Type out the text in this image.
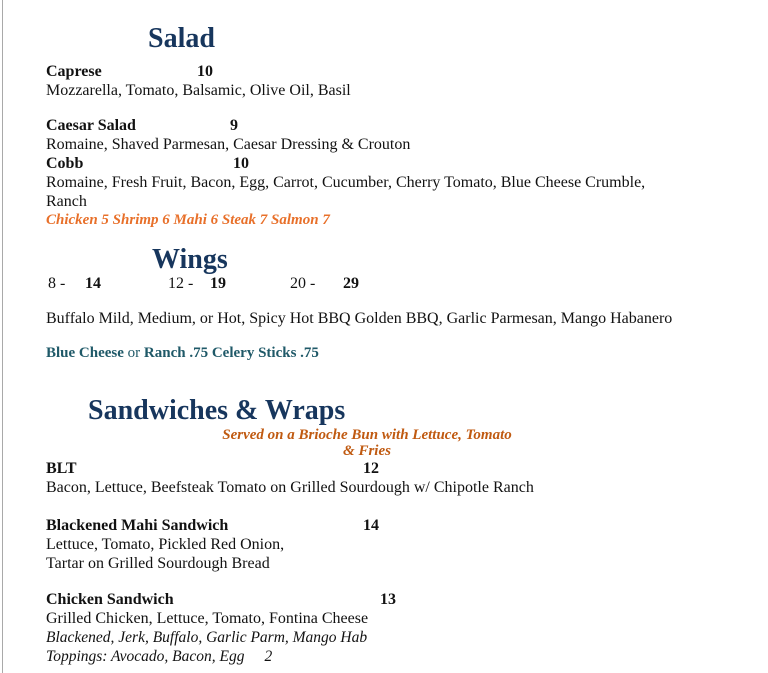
Salad
Caprese	10
Mozzarella, Tomato, Balsamic, Olive Oil, Basil
Caesar Salad	9
Romaine, Shaved Parmesan, Caesar Dressing & Crouton
Cobb	10
Romaine, Fresh Fruit, Bacon, Egg, Carrot, Cucumber, Cherry Tomato, Blue Cheese Crumble,
Ranch
Chicken 5 Shrimp 6 Mahi 6 Steak 7 Salmon 7
Wings
8 - 14	12 - 19	20 - 29
Buffalo Mild, Medium, or Hot, Spicy Hot BBQ Golden BBQ, Garlic Parmesan, Mango Habanero
Blue Cheese or Ranch .75 Celery Sticks .75
Sandwiches & Wraps
Served on a Brioche Bun with Lettuce, Tomato
& Fries
BLT	12
Bacon, Lettuce, Beefsteak Tomato on Grilled Sourdough w/ Chipotle Ranch
Blackened Mahi Sandwich	14
Lettuce, Tomato, Pickled Red Onion,
Tartar on Grilled Sourdough Bread
Chicken Sandwich	13
Grilled Chicken, Lettuce, Tomato, Fontina Cheese
Blackened, Jerk, Buffalo, Garlic Parm, Mango Hab
Toppings: Avocado, Bacon, Egg 2
